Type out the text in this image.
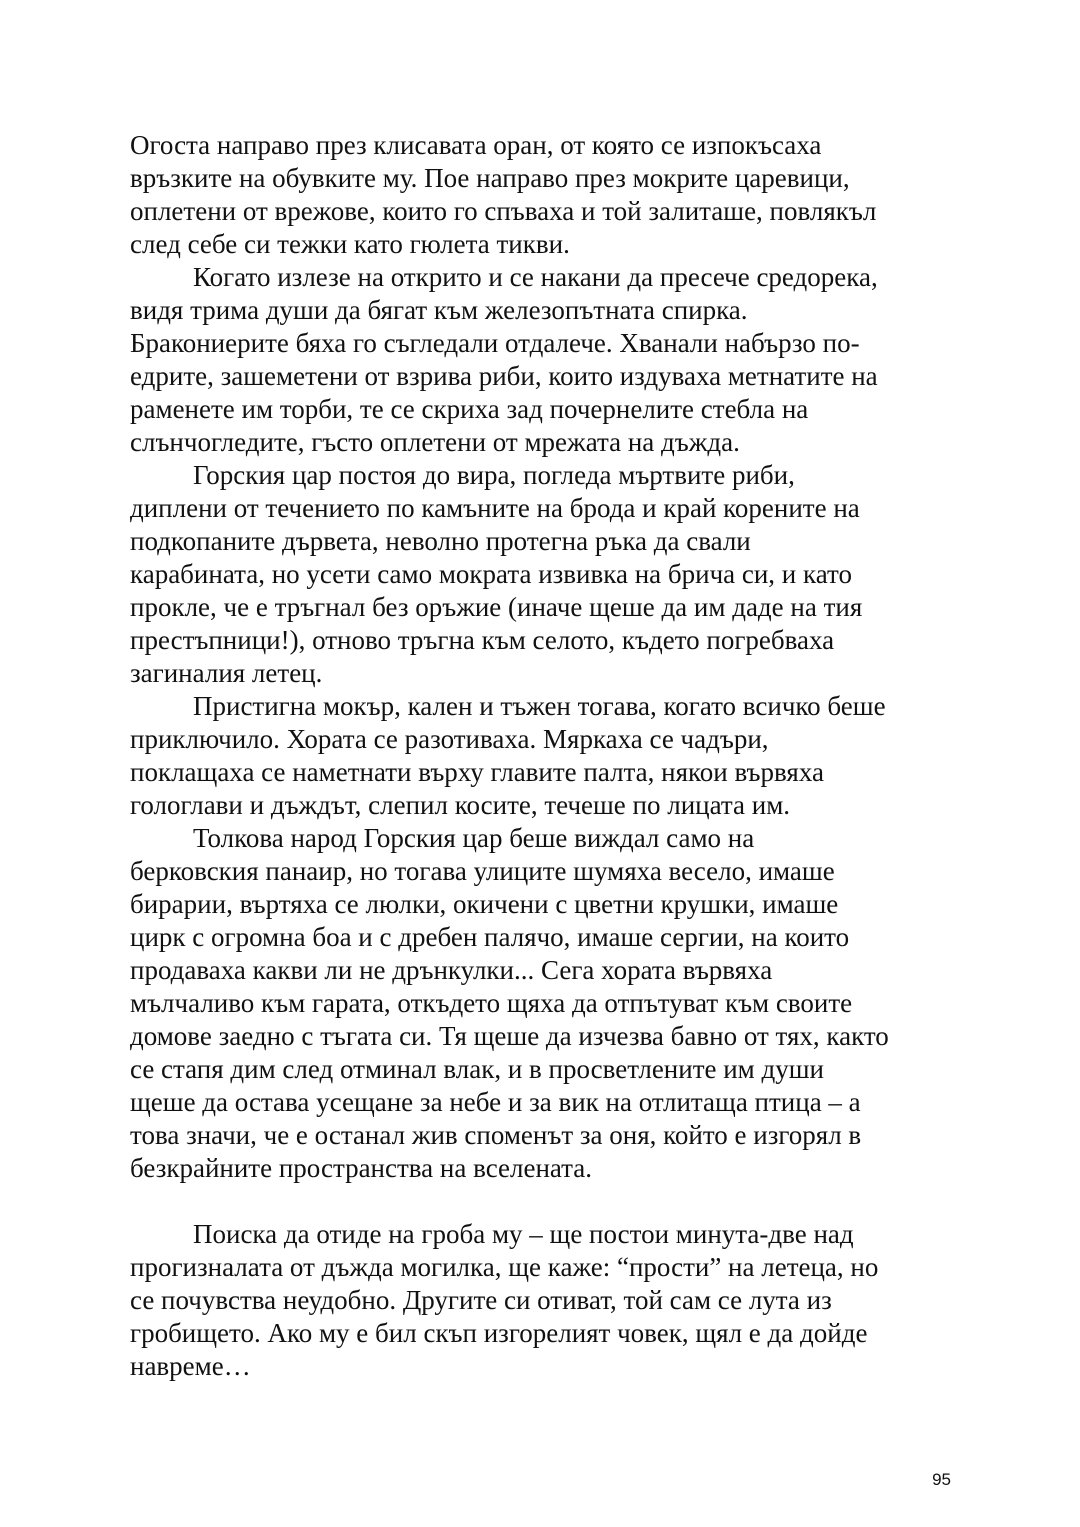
Огоста направо през клисавата оран, от която се изпокъсаха
връзките на обувките му. Пое направо през мокрите царевици,
оплетени от врежове, които го спъваха и той залиташе, повлякъл
след себе си тежки като гюлета тикви.
Когато излезе на открито и се накани да пресече средорека,
видя трима души да бягат към железопътната спирка.
Бракониерите бяха го съгледали отдалече. Хванали набързо по-
едрите, зашеметени от взрива риби, които издуваха метнатите на
раменете им торби, те се скриха зад почернелите стебла на
слънчогледите, гъсто оплетени от мрежата на дъжда.
Горския цар постоя до вира, погледа мъртвите риби,
диплени от течението по камъните на брода и край корените на
подкопаните дървета, неволно протегна ръка да свали
карабината, но усети само мократа извивка на брича си, и като
прокле, че е тръгнал без оръжие (иначе щеше да им даде на тия
престъпници!), отново тръгна към селото, където погребваха
загиналия летец.
Пристигна мокър, кален и тъжен тогава, когато всичко беше
приключило. Хората се разотиваха. Мяркаха се чадъри,
поклащаха се наметнати върху главите палта, някои вървяха
гологлави и дъждът, слепил косите, течеше по лицата им.
Толкова народ Горския цар беше виждал само на
берковския панаир, но тогава улиците шумяха весело, имаше
бирарии, въртяха се люлки, окичени с цветни крушки, имаше
цирк с огромна боа и с дребен палячо, имаше сергии, на които
продаваха какви ли не дрънкулки... Сега хората вървяха
мълчаливо към гарата, откъдето щяха да отпътуват към своите
домове заедно с тъгата си. Тя щеше да изчезва бавно от тях, както
се стапя дим след отминал влак, и в просветлените им души
щеше да остава усещане за небе и за вик на отлитаща птица – а
това значи, че е останал жив споменът за оня, който е изгорял в
безкрайните пространства на вселената.
Поиска да отиде на гроба му – ще постои минута-две над
прогизналата от дъжда могилка, ще каже: “прости” на летеца, но
се почувства неудобно. Другите си отиват, той сам се лута из
гробището. Ако му е бил скъп изгорелият човек, щял е да дойде
навреме…
95
